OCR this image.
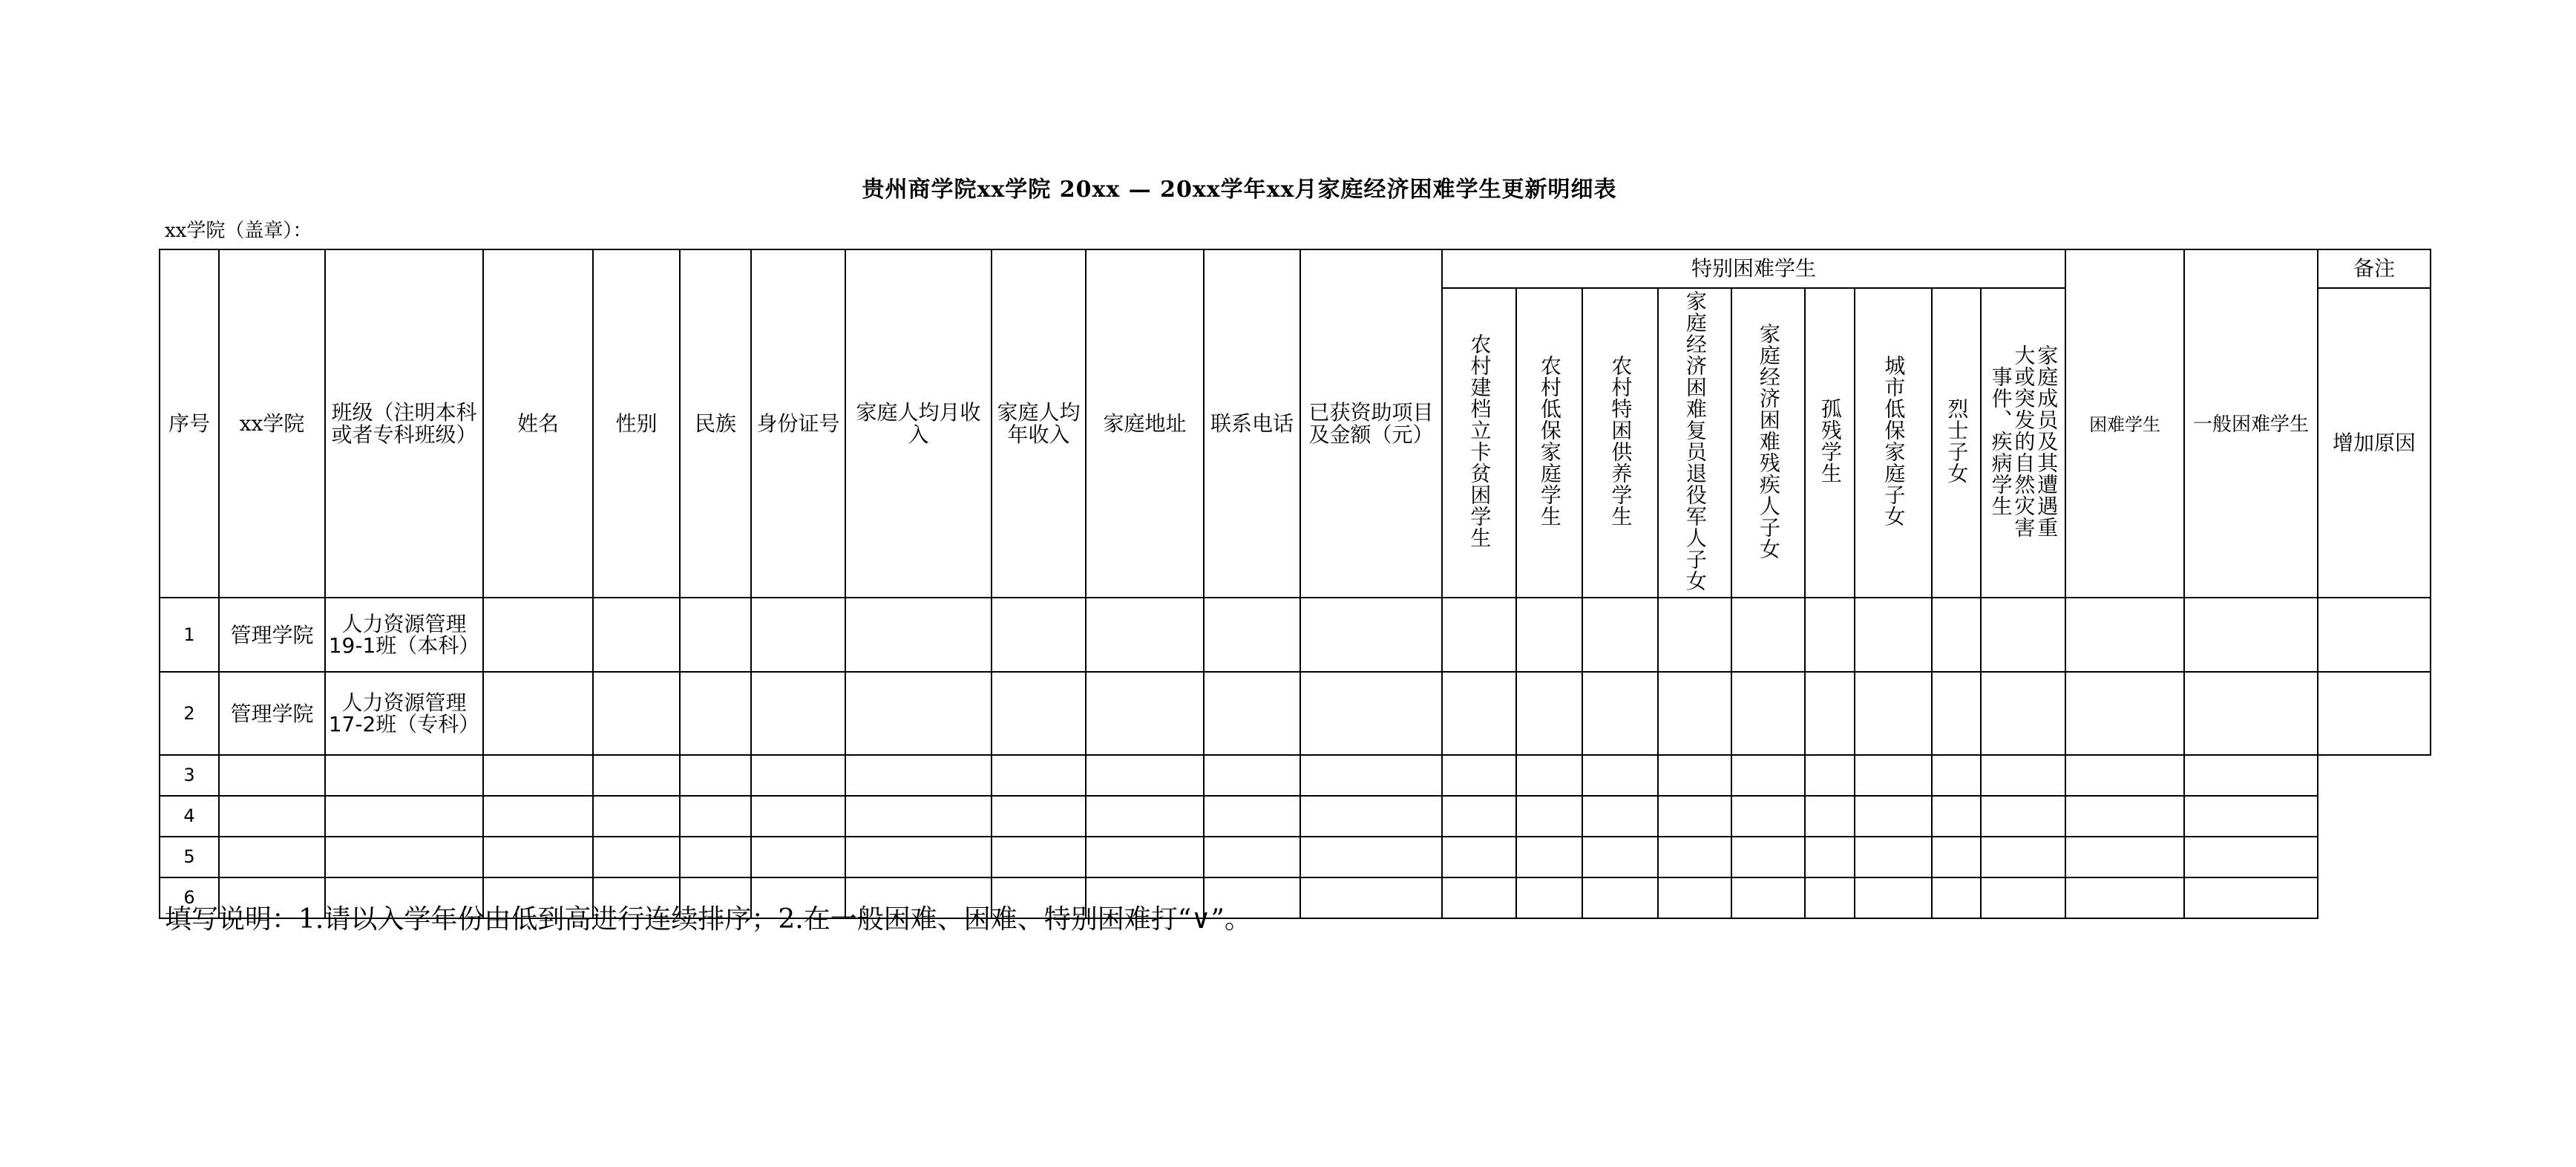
贵州商学院xx学院 20xx — 20xx学年xx月家庭经济困难学生更新明细表
xx学院（盖章）：
序号	xx学院	班级（注明本科或者专科班级）	姓名	性别	民族	身份证号	家庭人均月收入	家庭人均年收入	家庭地址	联系电话	已获资助项目及金额（元）	特别困难学生									困难学生	一般困难学生	备注
												农村建档立卡贫困学生	农村低保家庭学生	农村特困供养学生	家庭经济困难复员退役军人子女	家庭经济困难残疾人子女	孤残学生	城市低保家庭子女	烈士子女	家庭成员及其遭遇重大或突发的自然灾害事件、疾病学生			增加原因
1	管理学院	人力资源管理19-1班（本科）																					
2	管理学院	人力资源管理17-2班（专科）																					
3																							
4																							
5																							
6																							
填写说明：1.请以入学年份由低到高进行连续排序；2.在一般困难、困难、特别困难打“∨”。
